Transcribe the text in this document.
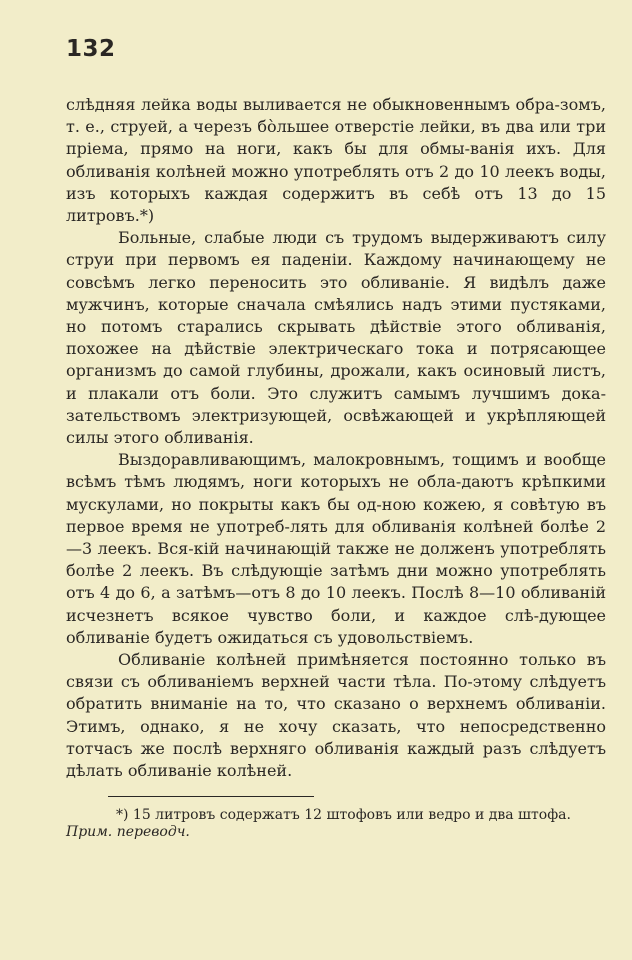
132

слѣдняя лейка воды выливается не обыкновеннымъ обра-зомъ, т. е., струей, а черезъ бо̀льшее отверстіе лейки, въ два или три пріема, прямо на ноги, какъ бы для обмы-ванія ихъ. Для обливанія колѣней можно употреблять отъ 2 до 10 леекъ воды, изъ которыхъ каждая содержитъ въ себѣ отъ 13 до 15 литровъ.*)

Больные, слабые люди съ трудомъ выдерживаютъ силу струи при первомъ ея паденіи. Каждому начинающему не совсѣмъ легко переносить это обливаніе. Я видѣлъ даже мужчинъ, которые сначала смѣялись надъ этими пустяками, но потомъ старались скрывать дѣйствіе этого обливанія, похожее на дѣйствіе электрическаго тока и потрясающее организмъ до самой глубины, дрожали, какъ осиновый листъ, и плакали отъ боли. Это служитъ самымъ лучшимъ дока-зательствомъ электризующей, освѣжающей и укрѣпляющей силы этого обливанія.

Выздоравливающимъ, малокровнымъ, тощимъ и вообще всѣмъ тѣмъ людямъ, ноги которыхъ не обла-даютъ крѣпкими мускулами, но покрыты какъ бы од-ною кожею, я совѣтую въ первое время не употреб-лять для обливанія колѣней болѣе 2—3 леекъ. Вся-кій начинающій также не долженъ употреблять болѣе 2 леекъ. Въ слѣдующіе затѣмъ дни можно употреблять отъ 4 до 6, а затѣмъ—отъ 8 до 10 леекъ. Послѣ 8—10 обливаній исчезнетъ всякое чувство боли, и каждое слѣ-дующее обливаніе будетъ ожидаться съ удовольствіемъ.

Обливаніе колѣней примѣняется постоянно только въ связи съ обливаніемъ верхней части тѣла. По-этому слѣдуетъ обратить вниманіе на то, что сказано о верхнемъ обливаніи. Этимъ, однако, я не хочу сказать, что непосредственно тотчасъ же послѣ верхняго обливанія каждый разъ слѣдуетъ дѣлать обливаніе колѣней.

*) 15 литровъ содержатъ 12 штофовъ или ведро и два штофа.
Прим. переводч.
